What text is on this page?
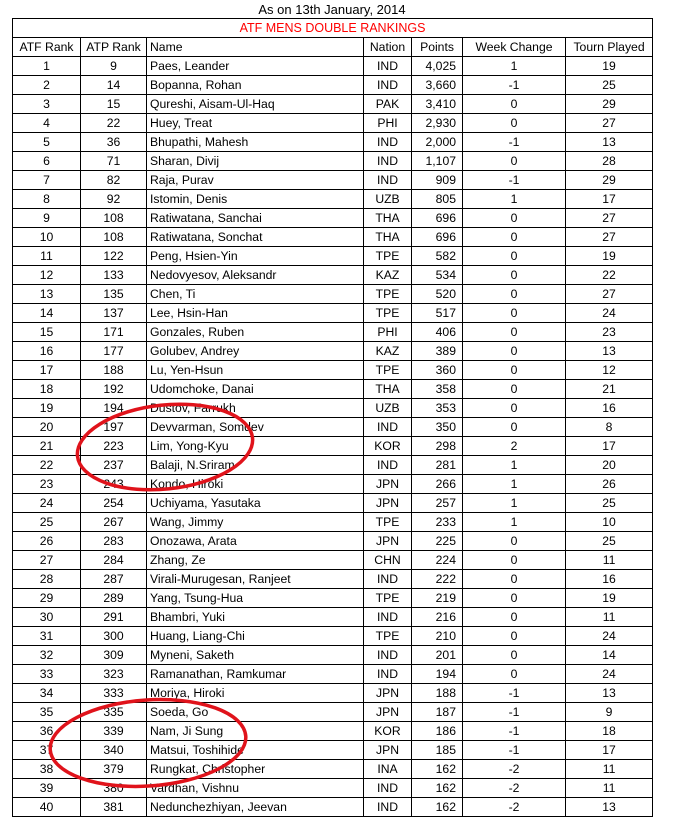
As on 13th January, 2014
ATF MENS DOUBLE RANKINGS						
ATF Rank	ATP Rank	Name	Nation	Points	Week Change	Tourn Played
1	9	Paes, Leander	IND	4,025	1	19
2	14	Bopanna, Rohan	IND	3,660	-1	25
3	15	Qureshi, Aisam-Ul-Haq	PAK	3,410	0	29
4	22	Huey, Treat	PHI	2,930	0	27
5	36	Bhupathi, Mahesh	IND	2,000	-1	13
6	71	Sharan, Divij	IND	1,107	0	28
7	82	Raja, Purav	IND	909	-1	29
8	92	Istomin, Denis	UZB	805	1	17
9	108	Ratiwatana, Sanchai	THA	696	0	27
10	108	Ratiwatana, Sonchat	THA	696	0	27
11	122	Peng, Hsien-Yin	TPE	582	0	19
12	133	Nedovyesov, Aleksandr	KAZ	534	0	22
13	135	Chen, Ti	TPE	520	0	27
14	137	Lee, Hsin-Han	TPE	517	0	24
15	171	Gonzales, Ruben	PHI	406	0	23
16	177	Golubev, Andrey	KAZ	389	0	13
17	188	Lu, Yen-Hsun	TPE	360	0	12
18	192	Udomchoke, Danai	THA	358	0	21
19	194	Dustov, Farrukh	UZB	353	0	16
20	197	Devvarman, Somdev	IND	350	0	8
21	223	Lim, Yong-Kyu	KOR	298	2	17
22	237	Balaji, N.Sriram	IND	281	1	20
23	243	Kondo, Hiroki	JPN	266	1	26
24	254	Uchiyama, Yasutaka	JPN	257	1	25
25	267	Wang, Jimmy	TPE	233	1	10
26	283	Onozawa, Arata	JPN	225	0	25
27	284	Zhang, Ze	CHN	224	0	11
28	287	Virali-Murugesan, Ranjeet	IND	222	0	16
29	289	Yang, Tsung-Hua	TPE	219	0	19
30	291	Bhambri, Yuki	IND	216	0	11
31	300	Huang, Liang-Chi	TPE	210	0	24
32	309	Myneni, Saketh	IND	201	0	14
33	323	Ramanathan, Ramkumar	IND	194	0	24
34	333	Moriya, Hiroki	JPN	188	-1	13
35	335	Soeda, Go	JPN	187	-1	9
36	339	Nam, Ji Sung	KOR	186	-1	18
37	340	Matsui, Toshihide	JPN	185	-1	17
38	379	Rungkat, Christopher	INA	162	-2	11
39	380	Vardhan, Vishnu	IND	162	-2	11
40	381	Nedunchezhiyan, Jeevan	IND	162	-2	13
